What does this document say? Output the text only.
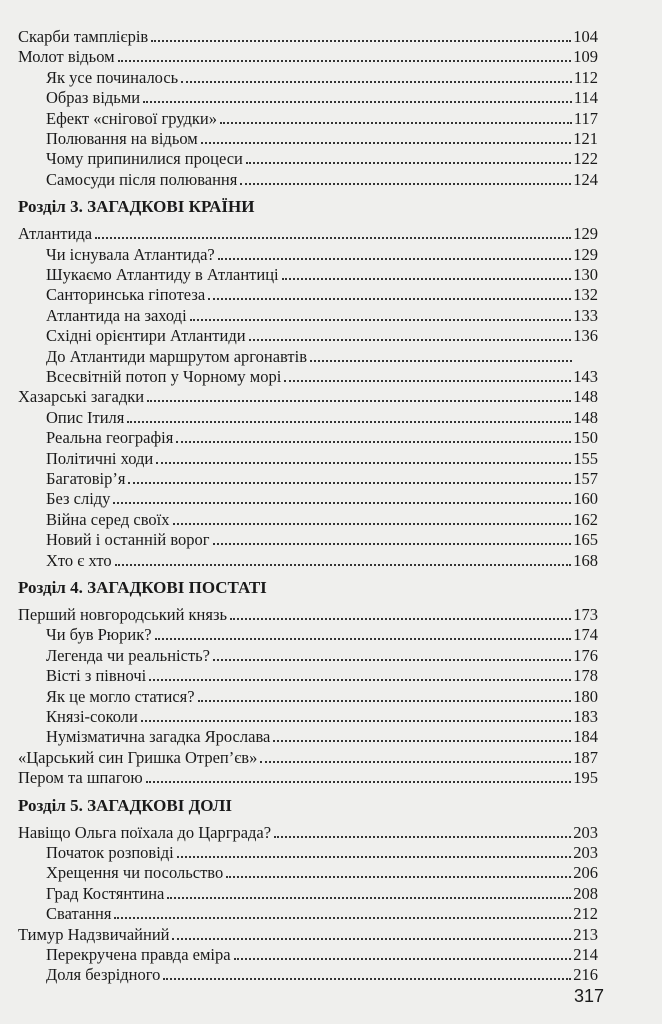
Скарби тамплієрів	104
Молот відьом	109
Як усе починалось	112
Образ відьми	114
Ефект «снігової грудки»	117
Полювання на відьом	121
Чому припинилися процеси	122
Самосуди після полювання	124
Розділ 3. ЗАГАДКОВІ КРАЇНИ
Атлантида	129
Чи існувала Атлантида?	129
Шукаємо Атлантиду в Атлантиці	130
Санторинська гіпотеза	132
Атлантида на заході	133
Східні орієнтири Атлантиди	136
До Атлантиди маршрутом аргонавтів
Всесвітній потоп у Чорному морі	143
Хазарські загадки	148
Опис Ітиля	148
Реальна географія	150
Політичні ходи	155
Багатовір’я	157
Без сліду	160
Війна серед своїх	162
Новий і останній ворог	165
Хто є хто	168
Розділ 4. ЗАГАДКОВІ ПОСТАТІ
Перший новгородський князь	173
Чи був Рюрик?	174
Легенда чи реальність?	176
Вісті з півночі	178
Як це могло статися?	180
Князі-соколи	183
Нумізматична загадка Ярослава	184
«Царський син Гришка Отреп’єв»	187
Пером та шпагою	195
Розділ 5. ЗАГАДКОВІ ДОЛІ
Навіщо Ольга поїхала до Царграда?	203
Початок розповіді	203
Хрещення чи посольство	206
Град Костянтина	208
Сватання	212
Тимур Надзвичайний	213
Перекручена правда еміра	214
Доля безрідного	216
317
